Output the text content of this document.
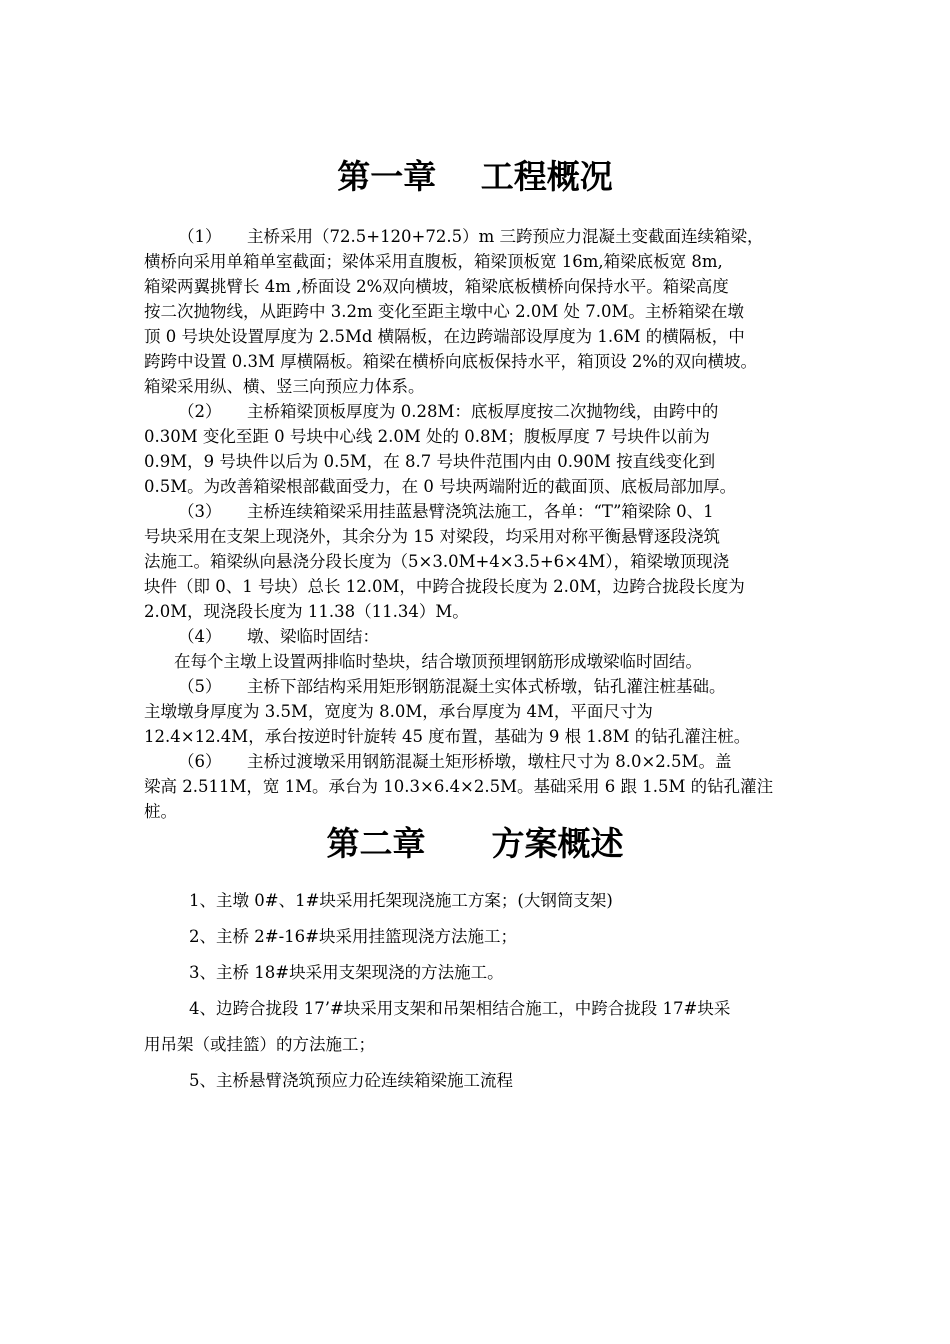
第一章　 工程概况
（1） 主桥采用（72.5+120+72.5）m 三跨预应力混凝土变截面连续箱梁，
横桥向采用单箱单室截面；梁体采用直腹板，箱梁顶板宽 16m,箱梁底板宽 8m,
箱梁两翼挑臂长 4m ,桥面设 2%双向横坡，箱梁底板横桥向保持水平。箱梁高度
按二次抛物线，从距跨中 3.2m 变化至距主墩中心 2.0M 处 7.0M。主桥箱梁在墩
顶 0 号块处设置厚度为 2.5Md 横隔板，在边跨端部设厚度为 1.6M 的横隔板，中
跨跨中设置 0.3M 厚横隔板。箱梁在横桥向底板保持水平，箱顶设 2%的双向横坡。
箱梁采用纵、横、竖三向预应力体系。
（2） 主桥箱梁顶板厚度为 0.28M：底板厚度按二次抛物线，由跨中的
0.30M 变化至距 0 号块中心线 2.0M 处的 0.8M；腹板厚度 7 号块件以前为
0.9M，9 号块件以后为 0.5M，在 8.7 号块件范围内由 0.90M 按直线变化到
0.5M。为改善箱梁根部截面受力，在 0 号块两端附近的截面顶、底板局部加厚。
（3） 主桥连续箱梁采用挂蓝悬臂浇筑法施工，各单：“T”箱梁除 0、1
号块采用在支架上现浇外，其余分为 15 对梁段，均采用对称平衡悬臂逐段浇筑
法施工。箱梁纵向悬浇分段长度为（5×3.0M+4×3.5+6×4M），箱梁墩顶现浇
块件（即 0、1 号块）总长 12.0M，中跨合拢段长度为 2.0M，边跨合拢段长度为
2.0M，现浇段长度为 11.38（11.34）M。
（4） 墩、梁临时固结：
在每个主墩上设置两排临时垫块，结合墩顶预埋钢筋形成墩梁临时固结。
（5） 主桥下部结构采用矩形钢筋混凝土实体式桥墩，钻孔灌注桩基础。
主墩墩身厚度为 3.5M，宽度为 8.0M，承台厚度为 4M，平面尺寸为
12.4×12.4M，承台按逆时针旋转 45 度布置，基础为 9 根 1.8M 的钻孔灌注桩。
（6） 主桥过渡墩采用钢筋混凝土矩形桥墩，墩柱尺寸为 8.0×2.5M。盖
梁高 2.511M，宽 1M。承台为 10.3×6.4×2.5M。基础采用 6 跟 1.5M 的钻孔灌注
桩。
第二章　　方案概述
1、主墩 0#、1#块采用托架现浇施工方案；(大钢筒支架)
2、主桥 2#-16#块采用挂篮现浇方法施工；
3、主桥 18#块采用支架现浇的方法施工。
4、边跨合拢段 17’#块采用支架和吊架相结合施工，中跨合拢段 17#块采
用吊架（或挂篮）的方法施工；
5、主桥悬臂浇筑预应力砼连续箱梁施工流程
